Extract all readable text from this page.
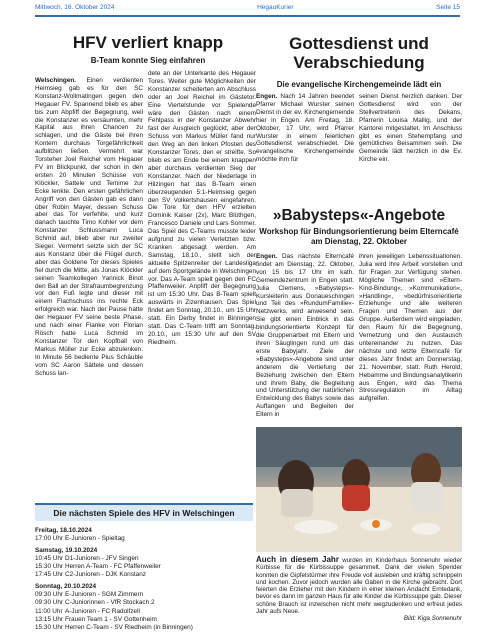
Mittwoch, 16. Oktober 2024	HegauKurier	Seite 15
HFV verliert knapp
B-Team konnte Sieg einfahren

Welschingen. Einen verdienten Heimsieg gab es für den SC Konstanz-Wollmatingen gegen den Hegauer FV. Spannend blieb es aber bis zum Abpfiff der Begegnung, weil die Konstanzer es versäumten, mehr Kapital aus ihren Chancen zu schlagen, und die Gäste bei ihren Kontern durchaus Torgefährlichkeit aufblitzen ließen. Vermehrt war Torsteher Joel Reichel vom Hegauer FV im Blickpunkt, der schon in den ersten 20 Minuten Schüsse von Klöckler, Sattele und Temime zur Ecke lenkte. Den ersten gefährlichen Angriff von den Gästen gab es dann über Robin Mayer, dessen Schuss aber das Tor verfehlte, und kurz danach tauchte Timo Kohler vor dem Konstanzer Schlussmann Luca Schmid auf, blieb aber nur zweiter Sieger. Vermehrt setzte sich der SC aus Konstanz über die Flügel durch, aber das Goldene Tor dieses Spieles fiel durch die Mitte, als Jonas Klöckler seinen Teamkollegen Yannick Binot den Ball an der Strafraumbegrenzung vor den Fuß legte und dieser mit einem Flachschuss ins rechte Eck erfolgreich war. Nach der Pause hatte der Hegauer FV seine beste Phase, und nach einer Flanke von Florian Rösch hatte Luca Schmid im Konstanzer Tor den Kopfball von Markus Müller zur Ecke abzulenken. In Minute 56 bediente Pius Schäuble vom SC Aaron Sättele und dessen Schuss lan-

dete an der Unterkante des Hegauer Tores. Weiter gute Möglichkeiten der Konstanzer scheiterten am Abschluss oder an Joel Reichel im Gästetor. Eine Viertelstunde vor Spielende wäre den Gästen nach einem Fehlpass in der Konstanzer Abwehr fast der Ausgleich geglückt, aber der Schuss von Markus Müller fand nur den Weg an den linken Pfosten des Konstanzer Tores, den er streifte. So blieb es am Ende bei einem knappen aber durchaus verdienten Sieg der Konstanzer. Nach der Niederlage in Hilzingen hat das B-Team einen überzeugenden 5:1-Heimsieg gegen den SV Volkertshausen eingefahren. Die Tore für den HFV erzielten Dominik Kaiser (2x), Marc Blüthgen, Francesco Daniele und Lars Sommer. Das Spiel des C-Teams musste leider aufgrund zu vielen Verletzten bzw. Kranken abgesagt werden. Am Samstag, 18.10., stellt sich der aktuelle Spitzenreiter der Landesliga auf dem Sportgelände in Welschingen vor. Das A-Team spielt gegen den FC Pfaffenweiler. Anpfiff der Begegnung ist um 15:30 Uhr. Das B-Team spielt auswärts in Zizenhausen. Das Spiel findet am Sonntag, 20.10., um 15 Uhr statt. Ein Derby findet in Binningen statt. Das C-Team trifft am Sonntag, 20.10., um 15:30 Uhr auf den SV Riedheim.

Gottesdienst und Verabschiedung
Die evangelische Kirchengemeinde lädt ein

Engen. Nach 14 Jahren beendet Pfarrer Michael Wurster seinen Dienst in der ev. Kirchengemeinde hier in Engen. Am Freitag, 18. Oktober, 17 Uhr, wird Pfarrer Wurster in einem feierlichen Gottesdienst verabschiedet. Die evangelische Kirchengemeinde möchte ihm für

seinen Dienst herzlich danken. Der Gottesdienst wird von der Stellvertreterin des Dekans, Pfarrerin Louisa Mallig, und der Kantorei mitgestaltet. Im Anschluss gibt es einen Stehempfang und gemütliches Beisammen sein. Die Gemeinde lädt herzlich in die Ev. Kirche ein.

»Babysteps«-Angebote
Workshop für Bindungsorientierung beim Elterncafé am Dienstag, 22. Oktober

Engen. Das nächste Elterncafé findet am Dienstag, 22. Oktober, von 15 bis 17 Uhr im kath. Gemeindezentrum in Engen statt. Julia Clemens, »Babysteps«-Kursleiterin aus Donaueschingen und Teil des »RundumFamilie«-Netzwerks, wird anwesend sein. Sie gibt einen Einblick in das bindungsorientierte Konzept für die Gruppenarbeit mit Eltern und ihren Säuglingen rund um das erste Babyjahr. Ziele der »Babysteps«-Angebote sind unter anderem die Vertiefung der Beziehung zwischen den Eltern und ihrem Baby, die Begleitung und Unterstützung der natürlichen Entwicklung des Babys sowie das Auffangen und Begleiten der Eltern in

ihren jeweiligen Lebenssituationen. Julia wird ihre Arbeit vorstellen und für Fragen zur Verfügung stehen. Mögliche Themen sind »Eltern-Kind-Bindung«, »Kommunikation«, »Handling«, »bedürfnisorientierte Erziehung« und alle weiteren Fragen und Themen aus der Gruppe. Außerdem wird eingeladen, den Raum für die Begegnung, Vernetzung und den Austausch untereinander zu nutzen. Das nächste und letzte Elterncafé für dieses Jahr findet am Donnerstag, 21. November, statt. Ruth Herold, Hebamme und Bindungsanalytikerin aus Engen, wird das Thema Stressregulation im Alltag aufgreifen.

Die nächsten Spiele des HFV in Welschingen
Freitag, 18.10.2024
17:00 Uhr E-Junioren - Spieltag
Samstag, 19.10.2024
10:45 Uhr D1-Junioren - JFV Singen
15:30 Uhr Herren A-Team - FC Pfaffenweiler
17:45 Uhr C2-Junioren - DJK Konstanz
Sonntag, 20.10.2024
09:30 Uhr E-Junioren - SGM Zimmern
09:30 Uhr C-Juniorinnen - VfR Stockach 2
11:00 Uhr A-Junioren - FC Radolfzell
13:15 Uhr Frauen Team 1 - SV Gottenheim
15:30 Uhr Herren C-Team - SV Riedheim (in Binningen)

Auch in diesem Jahr wurden im Kinderhaus Sonnenuhr wieder Kürbisse für die Kürbissuppe gesammelt. Dank der vielen Spender konnten die Gipfelstürmer ihre Freude voll ausleben und kräftig schnippeln und kochen. Zuvor jedoch wurden alle Gaben in die Kirche gebracht. Dort feierten die Erzieher mit den Kindern in einer kleinen Andacht Erntedank, bevor es dann im ganzen Haus für alle Kinder die Kürbissuppe gab. Dieser schöne Brauch ist inzwischen nicht mehr wegzudenken und erfreut jedes Jahr aufs Neue.

Bild: Kiga Sonnenuhr
